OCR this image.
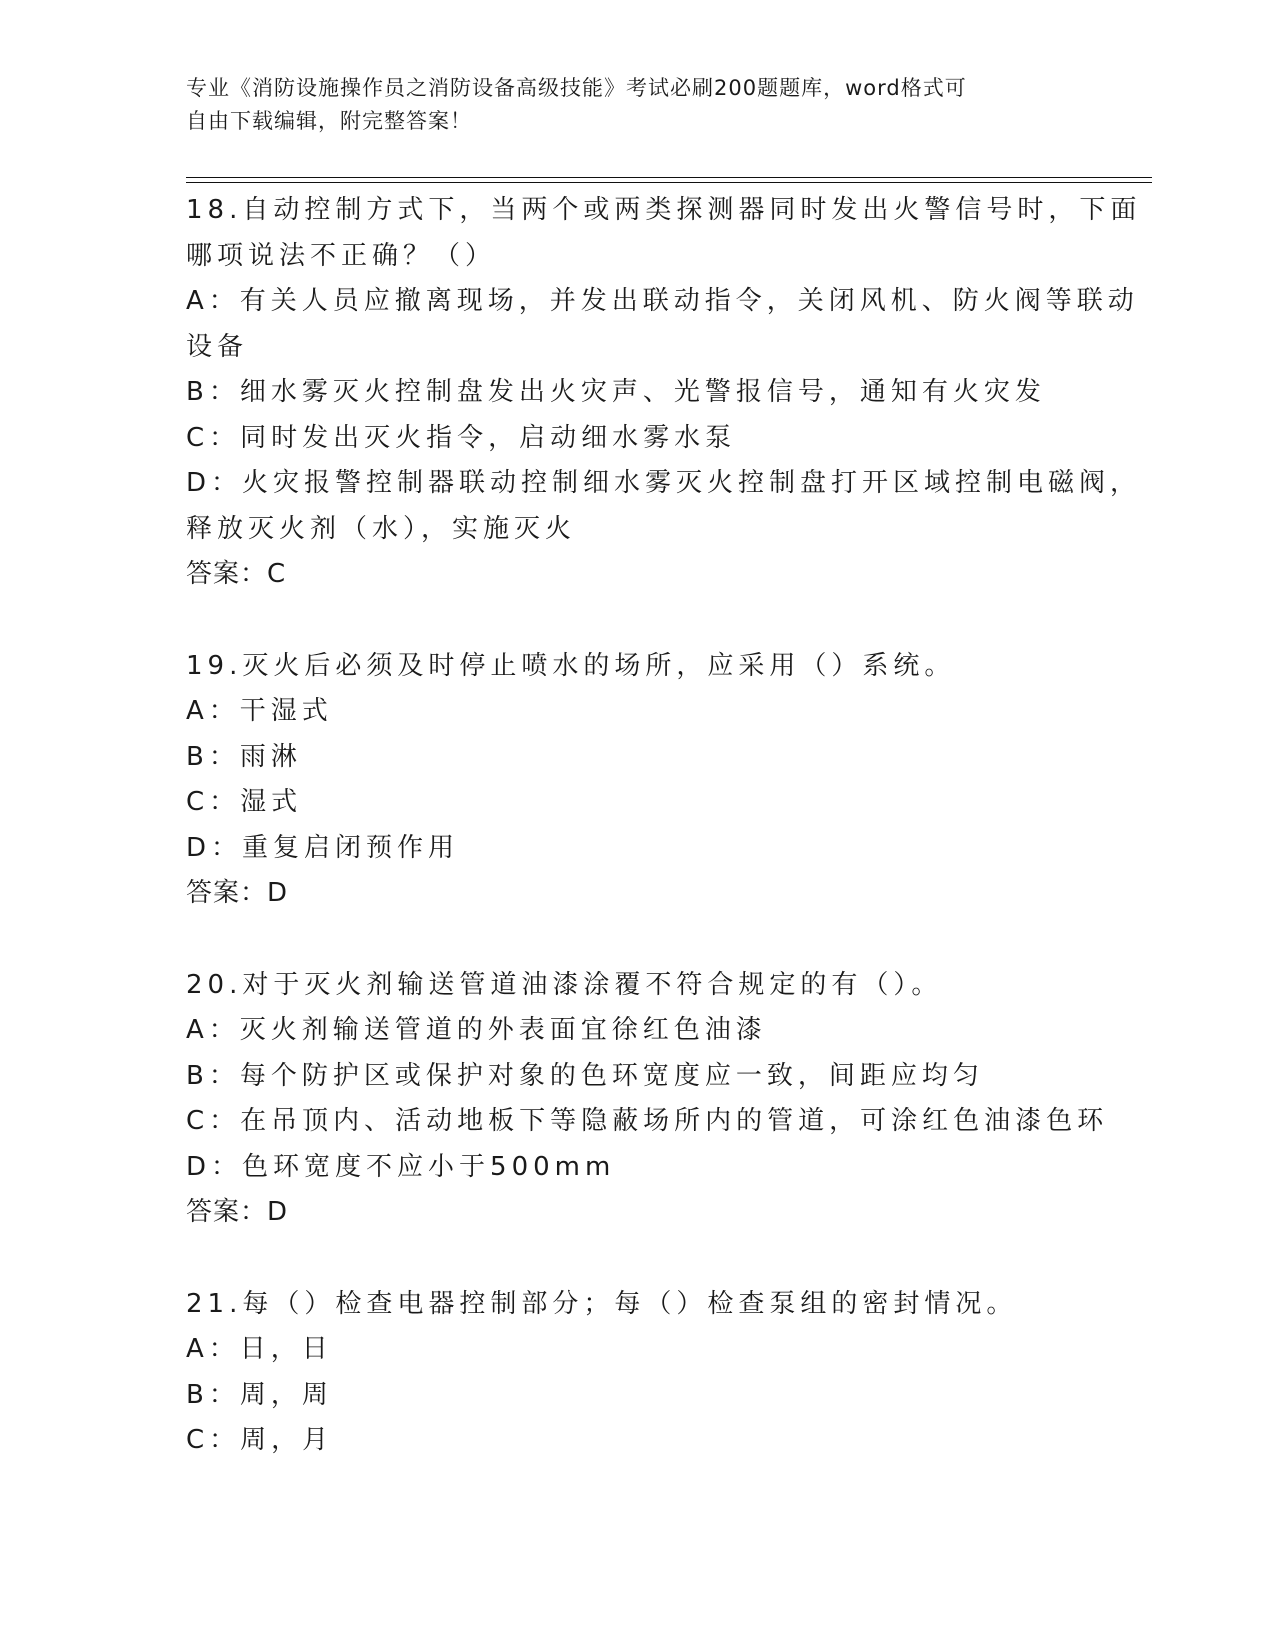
专业《消防设施操作员之消防设备高级技能》考试必刷200题题库，word格式可
自由下载编辑，附完整答案！
18.自动控制方式下，当两个或两类探测器同时发出火警信号时，下面
哪项说法不正确？（）
A：有关人员应撤离现场，并发出联动指令，关闭风机、防火阀等联动
设备
B：细水雾灭火控制盘发出火灾声、光警报信号，通知有火灾发
C：同时发出灭火指令，启动细水雾水泵
D：火灾报警控制器联动控制细水雾灭火控制盘打开区域控制电磁阀，
释放灭火剂（水），实施灭火
答案：C
19.灭火后必须及时停止喷水的场所，应采用（）系统。
A：干湿式
B：雨淋
C：湿式
D：重复启闭预作用
答案：D
20.对于灭火剂输送管道油漆涂覆不符合规定的有（）。
A：灭火剂输送管道的外表面宜徐红色油漆
B：每个防护区或保护对象的色环宽度应一致，间距应均匀
C：在吊顶内、活动地板下等隐蔽场所内的管道，可涂红色油漆色环
D：色环宽度不应小于500mm
答案：D
21.每（）检查电器控制部分；每（）检查泵组的密封情况。
A：日，日
B：周，周
C：周，月
